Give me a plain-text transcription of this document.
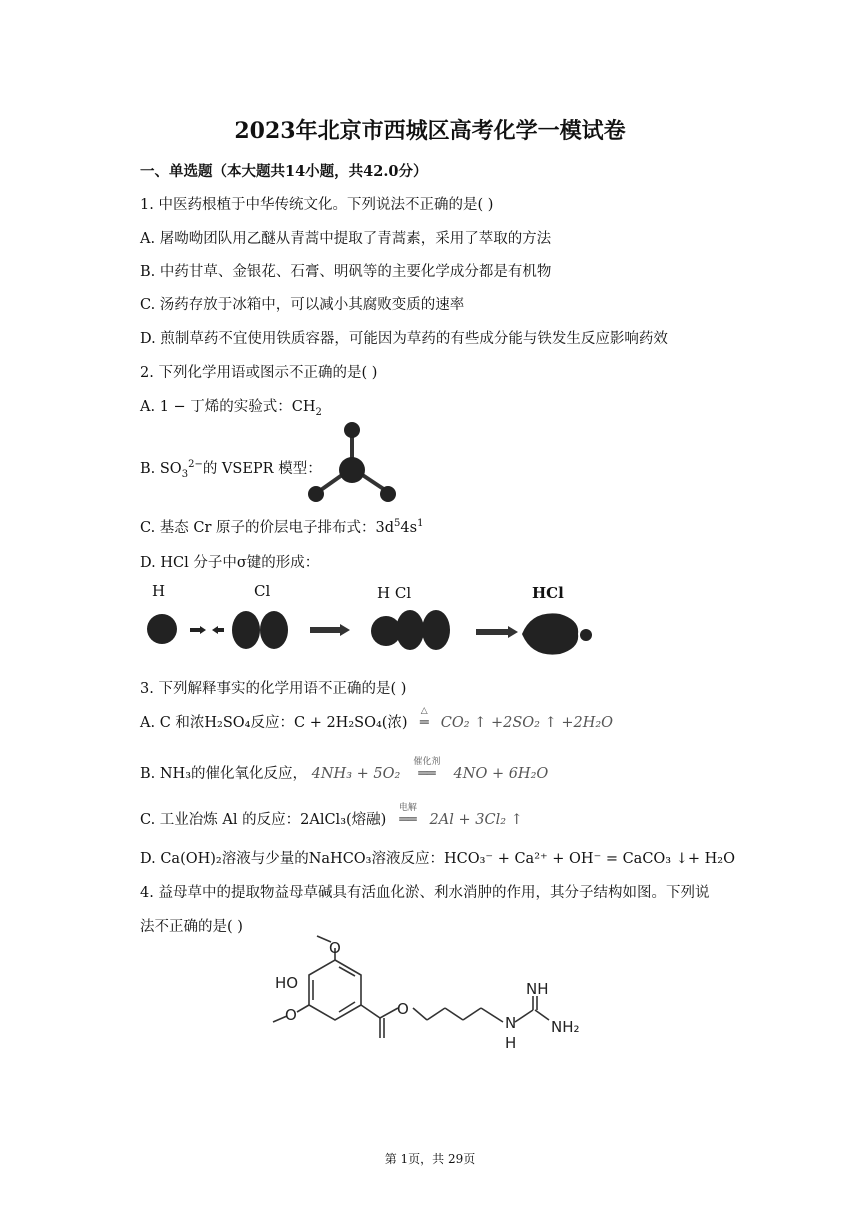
2023年北京市西城区高考化学一模试卷
一、单选题（本大题共14小题，共42.0分）
1. 中医药根植于中华传统文化。下列说法不正确的是( )
A. 屠呦呦团队用乙醚从青蒿中提取了青蒿素，采用了萃取的方法
B. 中药甘草、金银花、石膏、明矾等的主要化学成分都是有机物
C. 汤药存放于冰箱中，可以减小其腐败变质的速率
D. 煎制草药不宜使用铁质容器，可能因为草药的有些成分能与铁发生反应影响药效
2. 下列化学用语或图示不正确的是( )
A. 1 − 丁烯的实验式：$CH_2$
B. $SO_3^{2-}$的 VSEPR 模型：
C. 基态 Cr 原子的价层电子排布式：$3d^54s^1$
D. HCl 分子中σ键的形成：
H	Cl	H Cl	HCl
3. 下列解释事实的化学用语不正确的是( )
A. C 和浓H₂SO₄反应：C + 2H₂SO₄(浓)
△
═ CO₂ ↑ +2SO₂ ↑ +2H₂O
B. NH₃的催化氧化反应， 4NH₃ + 5O₂
催化剂
══ 4NO + 6H₂O
C. 工业冶炼 Al 的反应：2AlCl₃(熔融)
电解
══ 2Al + 3Cl₂ ↑
D. Ca(OH)₂溶液与少量的NaHCO₃溶液反应：HCO₃⁻ + Ca²⁺ + OH⁻ = CaCO₃ ↓+ H₂O
4. 益母草中的提取物益母草碱具有活血化淤、利水消肿的作用，其分子结构如图。下列说
法不正确的是( )
HO
O
O
NH
NH₂
N
H
O
第 1页，共 29页
